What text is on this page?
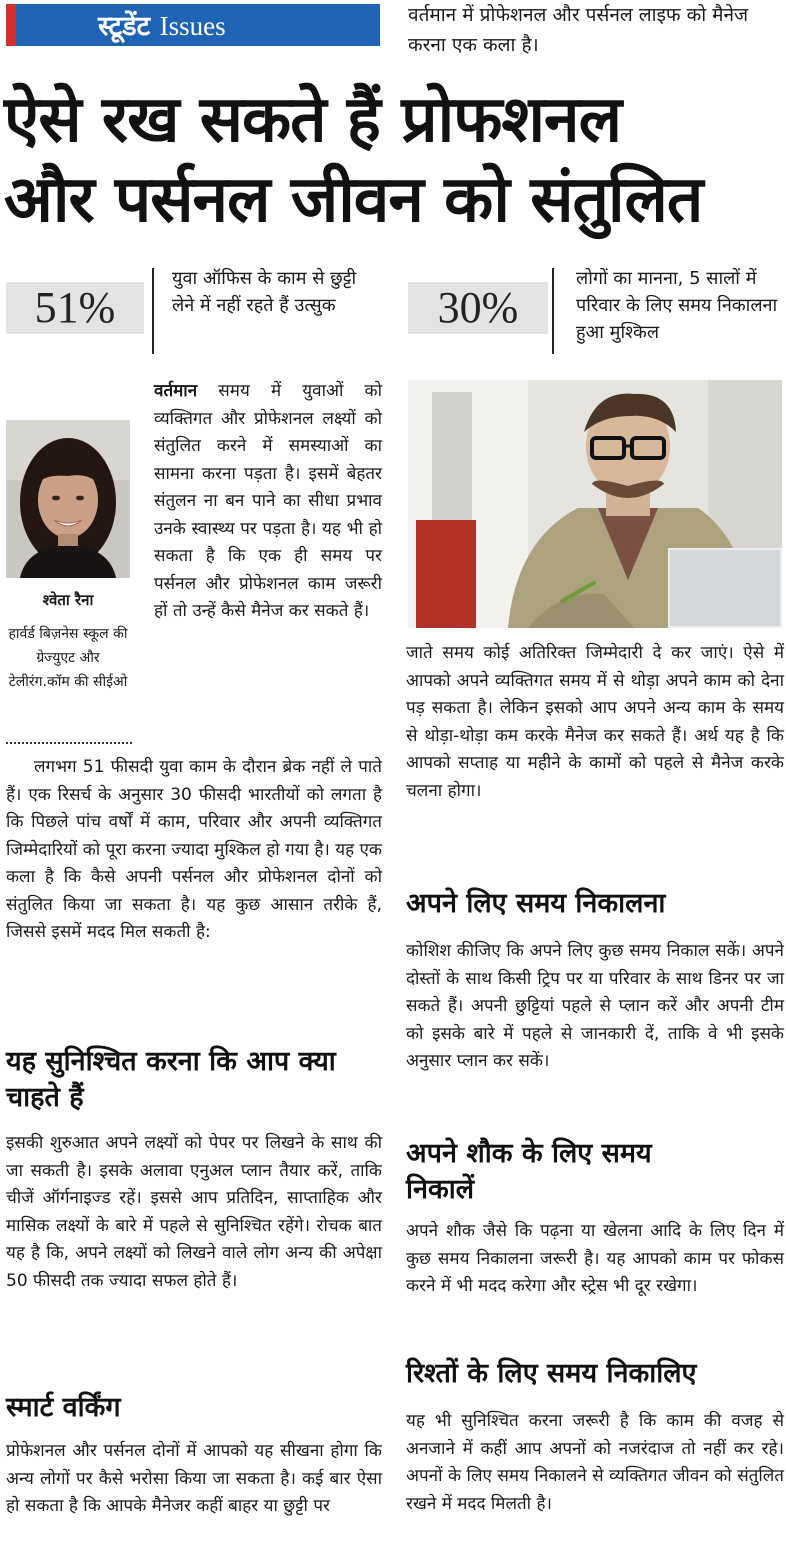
स्टूडेंट Issues	वर्तमान में प्रोफेशनल और पर्सनल लाइफ को मैनेज करना एक कला है।
ऐसे रख सकते हैं प्रोफशनल
और पर्सनल जीवन को संतुलित
51%
युवा ऑफिस के काम से छुट्टी लेने में नहीं रहते हैं उत्सुक	30%
लोगों का मानना, 5 सालों में परिवार के लिए समय निकालना हुआ मुश्किल
श्वेता रैना
हार्वर्ड बिज़नेस स्कूल की ग्रेज्युएट और टेलीरंग.कॉम की सीईओ
वर्तमान समय में युवाओं को व्यक्तिगत और प्रोफेशनल लक्ष्यों को संतुलित करने में समस्याओं का सामना करना पड़ता है। इसमें बेहतर संतुलन ना बन पाने का सीधा प्रभाव उनके स्वास्थ्य पर पड़ता है। यह भी हो सकता है कि एक ही समय पर पर्सनल और प्रोफेशनल काम जरूरी हों तो उन्हें कैसे मैनेज कर सकते हैं।
लगभग 51 फीसदी युवा काम के दौरान ब्रेक नहीं ले पाते हैं। एक रिसर्च के अनुसार 30 फीसदी भारतीयों को लगता है कि पिछले पांच वर्षों में काम, परिवार और अपनी व्यक्तिगत जिम्मेदारियों को पूरा करना ज्यादा मुश्किल हो गया है। यह एक कला है कि कैसे अपनी पर्सनल और प्रोफेशनल दोनों को संतुलित किया जा सकता है। यह कुछ आसान तरीके हैं, जिससे इसमें मदद मिल सकती है:
यह सुनिश्चित करना कि आप क्या चाहते हैं
इसकी शुरुआत अपने लक्ष्यों को पेपर पर लिखने के साथ की जा सकती है। इसके अलावा एनुअल प्लान तैयार करें, ताकि चीजें ऑर्गनाइज्ड रहें। इससे आप प्रतिदिन, साप्ताहिक और मासिक लक्ष्यों के बारे में पहले से सुनिश्चित रहेंगे। रोचक बात यह है कि, अपने लक्ष्यों को लिखने वाले लोग अन्य की अपेक्षा 50 फीसदी तक ज्यादा सफल होते हैं।
स्मार्ट वर्किंग
प्रोफेशनल और पर्सनल दोनों में आपको यह सीखना होगा कि अन्य लोगों पर कैसे भरोसा किया जा सकता है। कई बार ऐसा हो सकता है कि आपके मैनेजर कहीं बाहर या छुट्टी पर
जाते समय कोई अतिरिक्त जिम्मेदारी दे कर जाएं। ऐसे में आपको अपने व्यक्तिगत समय में से थोड़ा अपने काम को देना पड़ सकता है। लेकिन इसको आप अपने अन्य काम के समय से थोड़ा-थोड़ा कम करके मैनेज कर सकते हैं। अर्थ यह है कि आपको सप्ताह या महीने के कामों को पहले से मैनेज करके चलना होगा।
अपने लिए समय निकालना
कोशिश कीजिए कि अपने लिए कुछ समय निकाल सकें। अपने दोस्तों के साथ किसी ट्रिप पर या परिवार के साथ डिनर पर जा सकते हैं। अपनी छुट्टियां पहले से प्लान करें और अपनी टीम को इसके बारे में पहले से जानकारी दें, ताकि वे भी इसके अनुसार प्लान कर सकें।
अपने शौक के लिए समय निकालें
अपने शौक जैसे कि पढ़ना या खेलना आदि के लिए दिन में कुछ समय निकालना जरूरी है। यह आपको काम पर फोकस करने में भी मदद करेगा और स्ट्रेस भी दूर रखेगा।
रिश्तों के लिए समय निकालिए
यह भी सुनिश्चित करना जरूरी है कि काम की वजह से अनजाने में कहीं आप अपनों को नजरंदाज तो नहीं कर रहे। अपनों के लिए समय निकालने से व्यक्तिगत जीवन को संतुलित रखने में मदद मिलती है।
